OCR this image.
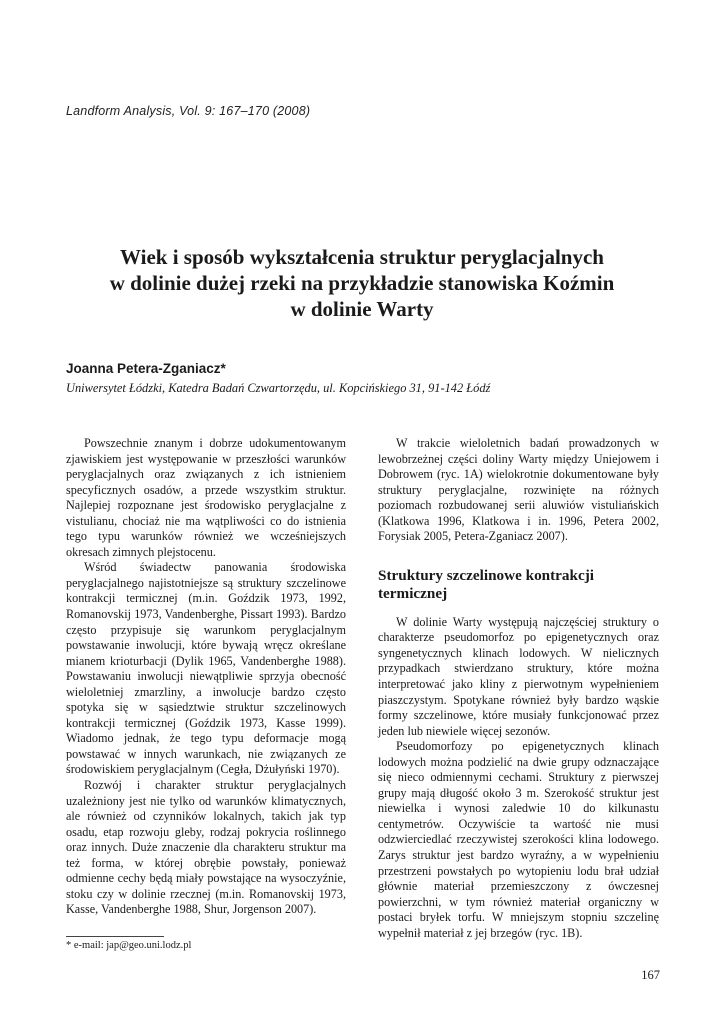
Landform Analysis, Vol. 9: 167–170 (2008)
Wiek i sposób wykształcenia struktur peryglacjalnych
w dolinie dużej rzeki na przykładzie stanowiska Koźmin
w dolinie Warty
Joanna Petera-Zganiacz*
Uniwersytet Łódzki, Katedra Badań Czwartorzędu, ul. Kopcińskiego 31, 91-142 Łódź

Powszechnie znanym i dobrze udokumentowanym zjawiskiem jest występowanie w przeszłości warunków peryglacjalnych oraz związanych z ich istnieniem specyficznych osadów, a przede wszystkim struktur. Najlepiej rozpoznane jest środowisko peryglacjalne z vistulianu, chociaż nie ma wątpliwości co do istnienia tego typu warunków również we wcześniejszych okresach zimnych plejstocenu.

Wśród świadectw panowania środowiska peryglacjalnego najistotniejsze są struktury szczelinowe kontrakcji termicznej (m.in. Goździk 1973, 1992, Romanovskij 1973, Vandenberghe, Pissart 1993). Bardzo często przypisuje się warunkom peryglacjalnym powstawanie inwolucji, które bywają wręcz określane mianem krioturbacji (Dylik 1965, Vandenberghe 1988). Powstawaniu inwolucji niewątpliwie sprzyja obecność wieloletniej zmarzliny, a inwolucje bardzo często spotyka się w sąsiedztwie struktur szczelinowych kontrakcji termicznej (Goździk 1973, Kasse 1999). Wiadomo jednak, że tego typu deformacje mogą powstawać w innych warunkach, nie związanych ze środowiskiem peryglacjalnym (Cegła, Dżułyński 1970).

Rozwój i charakter struktur peryglacjalnych uzależniony jest nie tylko od warunków klimatycznych, ale również od czynników lokalnych, takich jak typ osadu, etap rozwoju gleby, rodzaj pokrycia roślinnego oraz innych. Duże znaczenie dla charakteru struktur ma też forma, w której obrębie powstały, ponieważ odmienne cechy będą miały powstające na wysoczyźnie, stoku czy w dolinie rzecznej (m.in. Romanovskij 1973, Kasse, Vandenberghe 1988, Shur, Jorgenson 2007).

W trakcie wieloletnich badań prowadzonych w lewobrzeżnej części doliny Warty między Uniejowem i Dobrowem (ryc. 1A) wielokrotnie dokumentowane były struktury peryglacjalne, rozwinięte na różnych poziomach rozbudowanej serii aluwiów vistuliańskich (Klatkowa 1996, Klatkowa i in. 1996, Petera 2002, Forysiak 2005, Petera-Zganiacz 2007).

Struktury szczelinowe kontrakcji termicznej

W dolinie Warty występują najczęściej struktury o charakterze pseudomorfoz po epigenetycznych oraz syngenetycznych klinach lodowych. W nielicznych przypadkach stwierdzano struktury, które można interpretować jako kliny z pierwotnym wypełnieniem piaszczystym. Spotykane również były bardzo wąskie formy szczelinowe, które musiały funkcjonować przez jeden lub niewiele więcej sezonów.

Pseudomorfozy po epigenetycznych klinach lodowych można podzielić na dwie grupy odznaczające się nieco odmiennymi cechami. Struktury z pierwszej grupy mają długość około 3 m. Szerokość struktur jest niewielka i wynosi zaledwie 10 do kilkunastu centymetrów. Oczywiście ta wartość nie musi odzwierciedlać rzeczywistej szerokości klina lodowego. Zarys struktur jest bardzo wyraźny, a w wypełnieniu przestrzeni powstałych po wytopieniu lodu brał udział głównie materiał przemieszczony z ówczesnej powierzchni, w tym również materiał organiczny w postaci bryłek torfu. W mniejszym stopniu szczelinę wypełnił materiał z jej brzegów (ryc. 1B).

* e-mail: jap@geo.uni.lodz.pl
167
